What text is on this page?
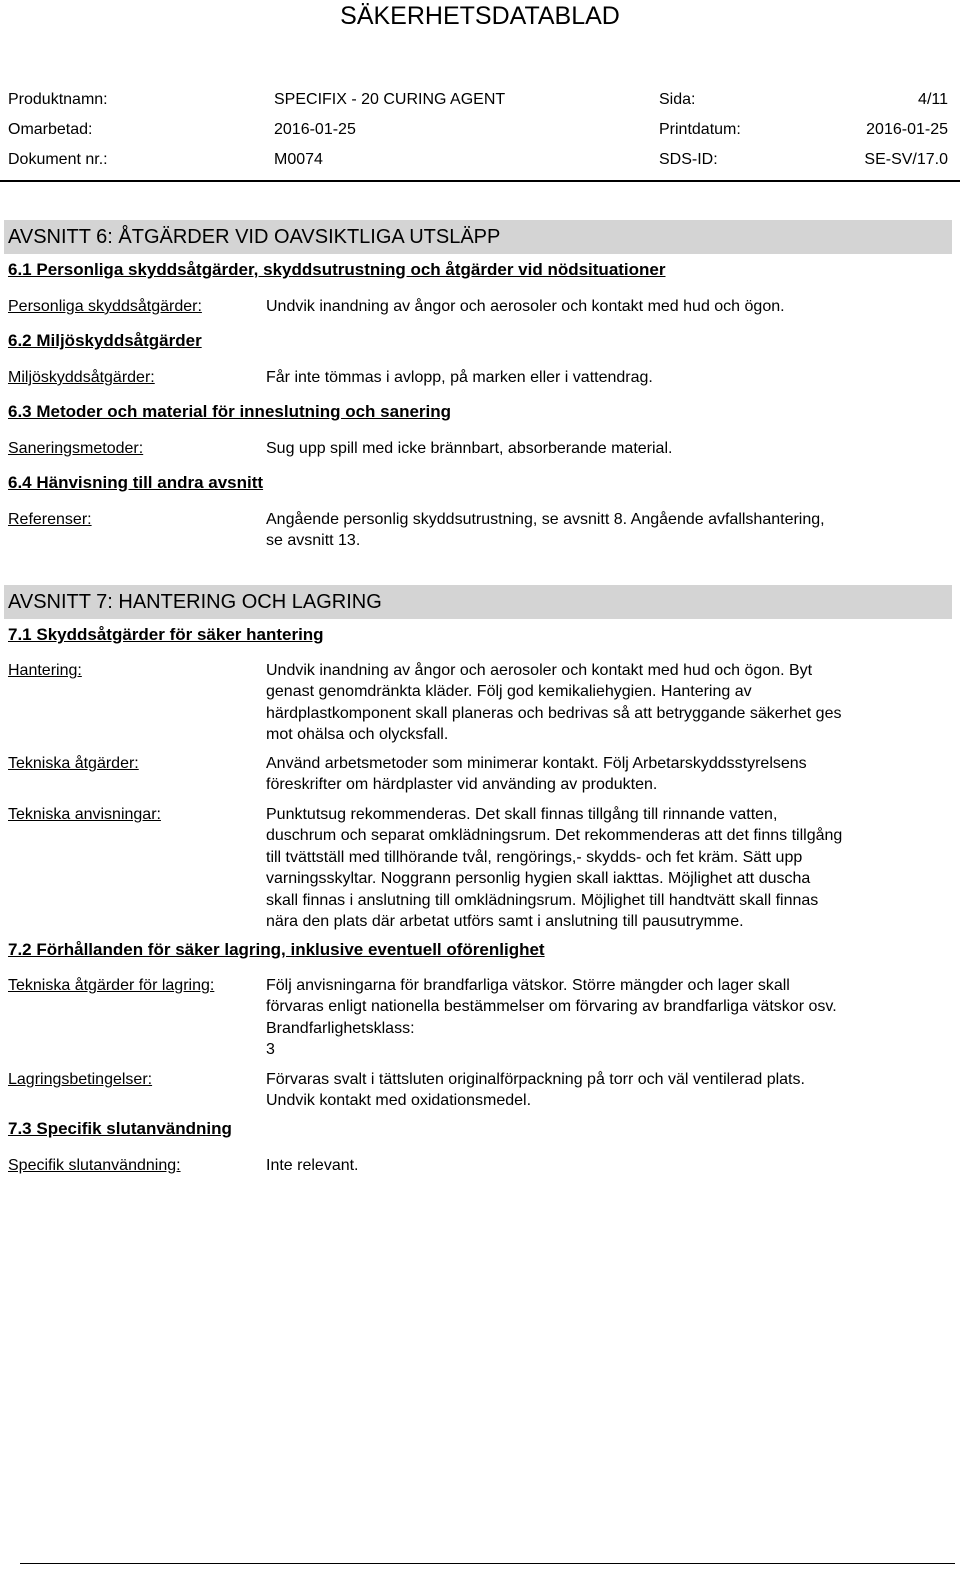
SÄKERHETSDATABLAD
Produktnamn:	SPECIFIX - 20 CURING AGENT	Sida:	4/11
Omarbetad:	2016-01-25	Printdatum:	2016-01-25
Dokument nr.:	M0074	SDS-ID:	SE-SV/17.0
AVSNITT 6: ÅTGÄRDER VID OAVSIKTLIGA UTSLÄPP
6.1 Personliga skyddsåtgärder, skyddsutrustning och åtgärder vid nödsituationer
Personliga skyddsåtgärder:	Undvik inandning av ångor och aerosoler och kontakt med hud och ögon.
6.2 Miljöskyddsåtgärder
Miljöskyddsåtgärder:	Får inte tömmas i avlopp, på marken eller i vattendrag.
6.3 Metoder och material för inneslutning och sanering
Saneringsmetoder:	Sug upp spill med icke brännbart, absorberande material.
6.4 Hänvisning till andra avsnitt
Referenser:	Angående personlig skyddsutrustning, se avsnitt 8. Angående avfallshantering,
se avsnitt 13.
AVSNITT 7: HANTERING OCH LAGRING
7.1 Skyddsåtgärder för säker hantering
Hantering:	Undvik inandning av ångor och aerosoler och kontakt med hud och ögon. Byt
genast genomdränkta kläder. Följ god kemikaliehygien. Hantering av
härdplastkomponent skall planeras och bedrivas så att betryggande säkerhet ges
mot ohälsa och olycksfall.
Tekniska åtgärder:	Använd arbetsmetoder som minimerar kontakt. Följ Arbetarskyddsstyrelsens
föreskrifter om härdplaster vid använding av produkten.
Tekniska anvisningar:	Punktutsug rekommenderas. Det skall finnas tillgång till rinnande vatten,
duschrum och separat omklädningsrum. Det rekommenderas att det finns tillgång
till tvättställ med tillhörande tvål, rengörings,- skydds- och fet kräm. Sätt upp
varningsskyltar. Noggrann personlig hygien skall iakttas. Möjlighet att duscha
skall finnas i anslutning till omklädningsrum. Möjlighet till handtvätt skall finnas
nära den plats där arbetat utförs samt i anslutning till pausutrymme.
7.2 Förhållanden för säker lagring, inklusive eventuell oförenlighet
Tekniska åtgärder för lagring:	Följ anvisningarna för brandfarliga vätskor. Större mängder och lager skall
förvaras enligt nationella bestämmelser om förvaring av brandfarliga vätskor osv.
Brandfarlighetsklass:
3
Lagringsbetingelser:	Förvaras svalt i tättsluten originalförpackning på torr och väl ventilerad plats.
Undvik kontakt med oxidationsmedel.
7.3 Specifik slutanvändning
Specifik slutanvändning:	Inte relevant.
